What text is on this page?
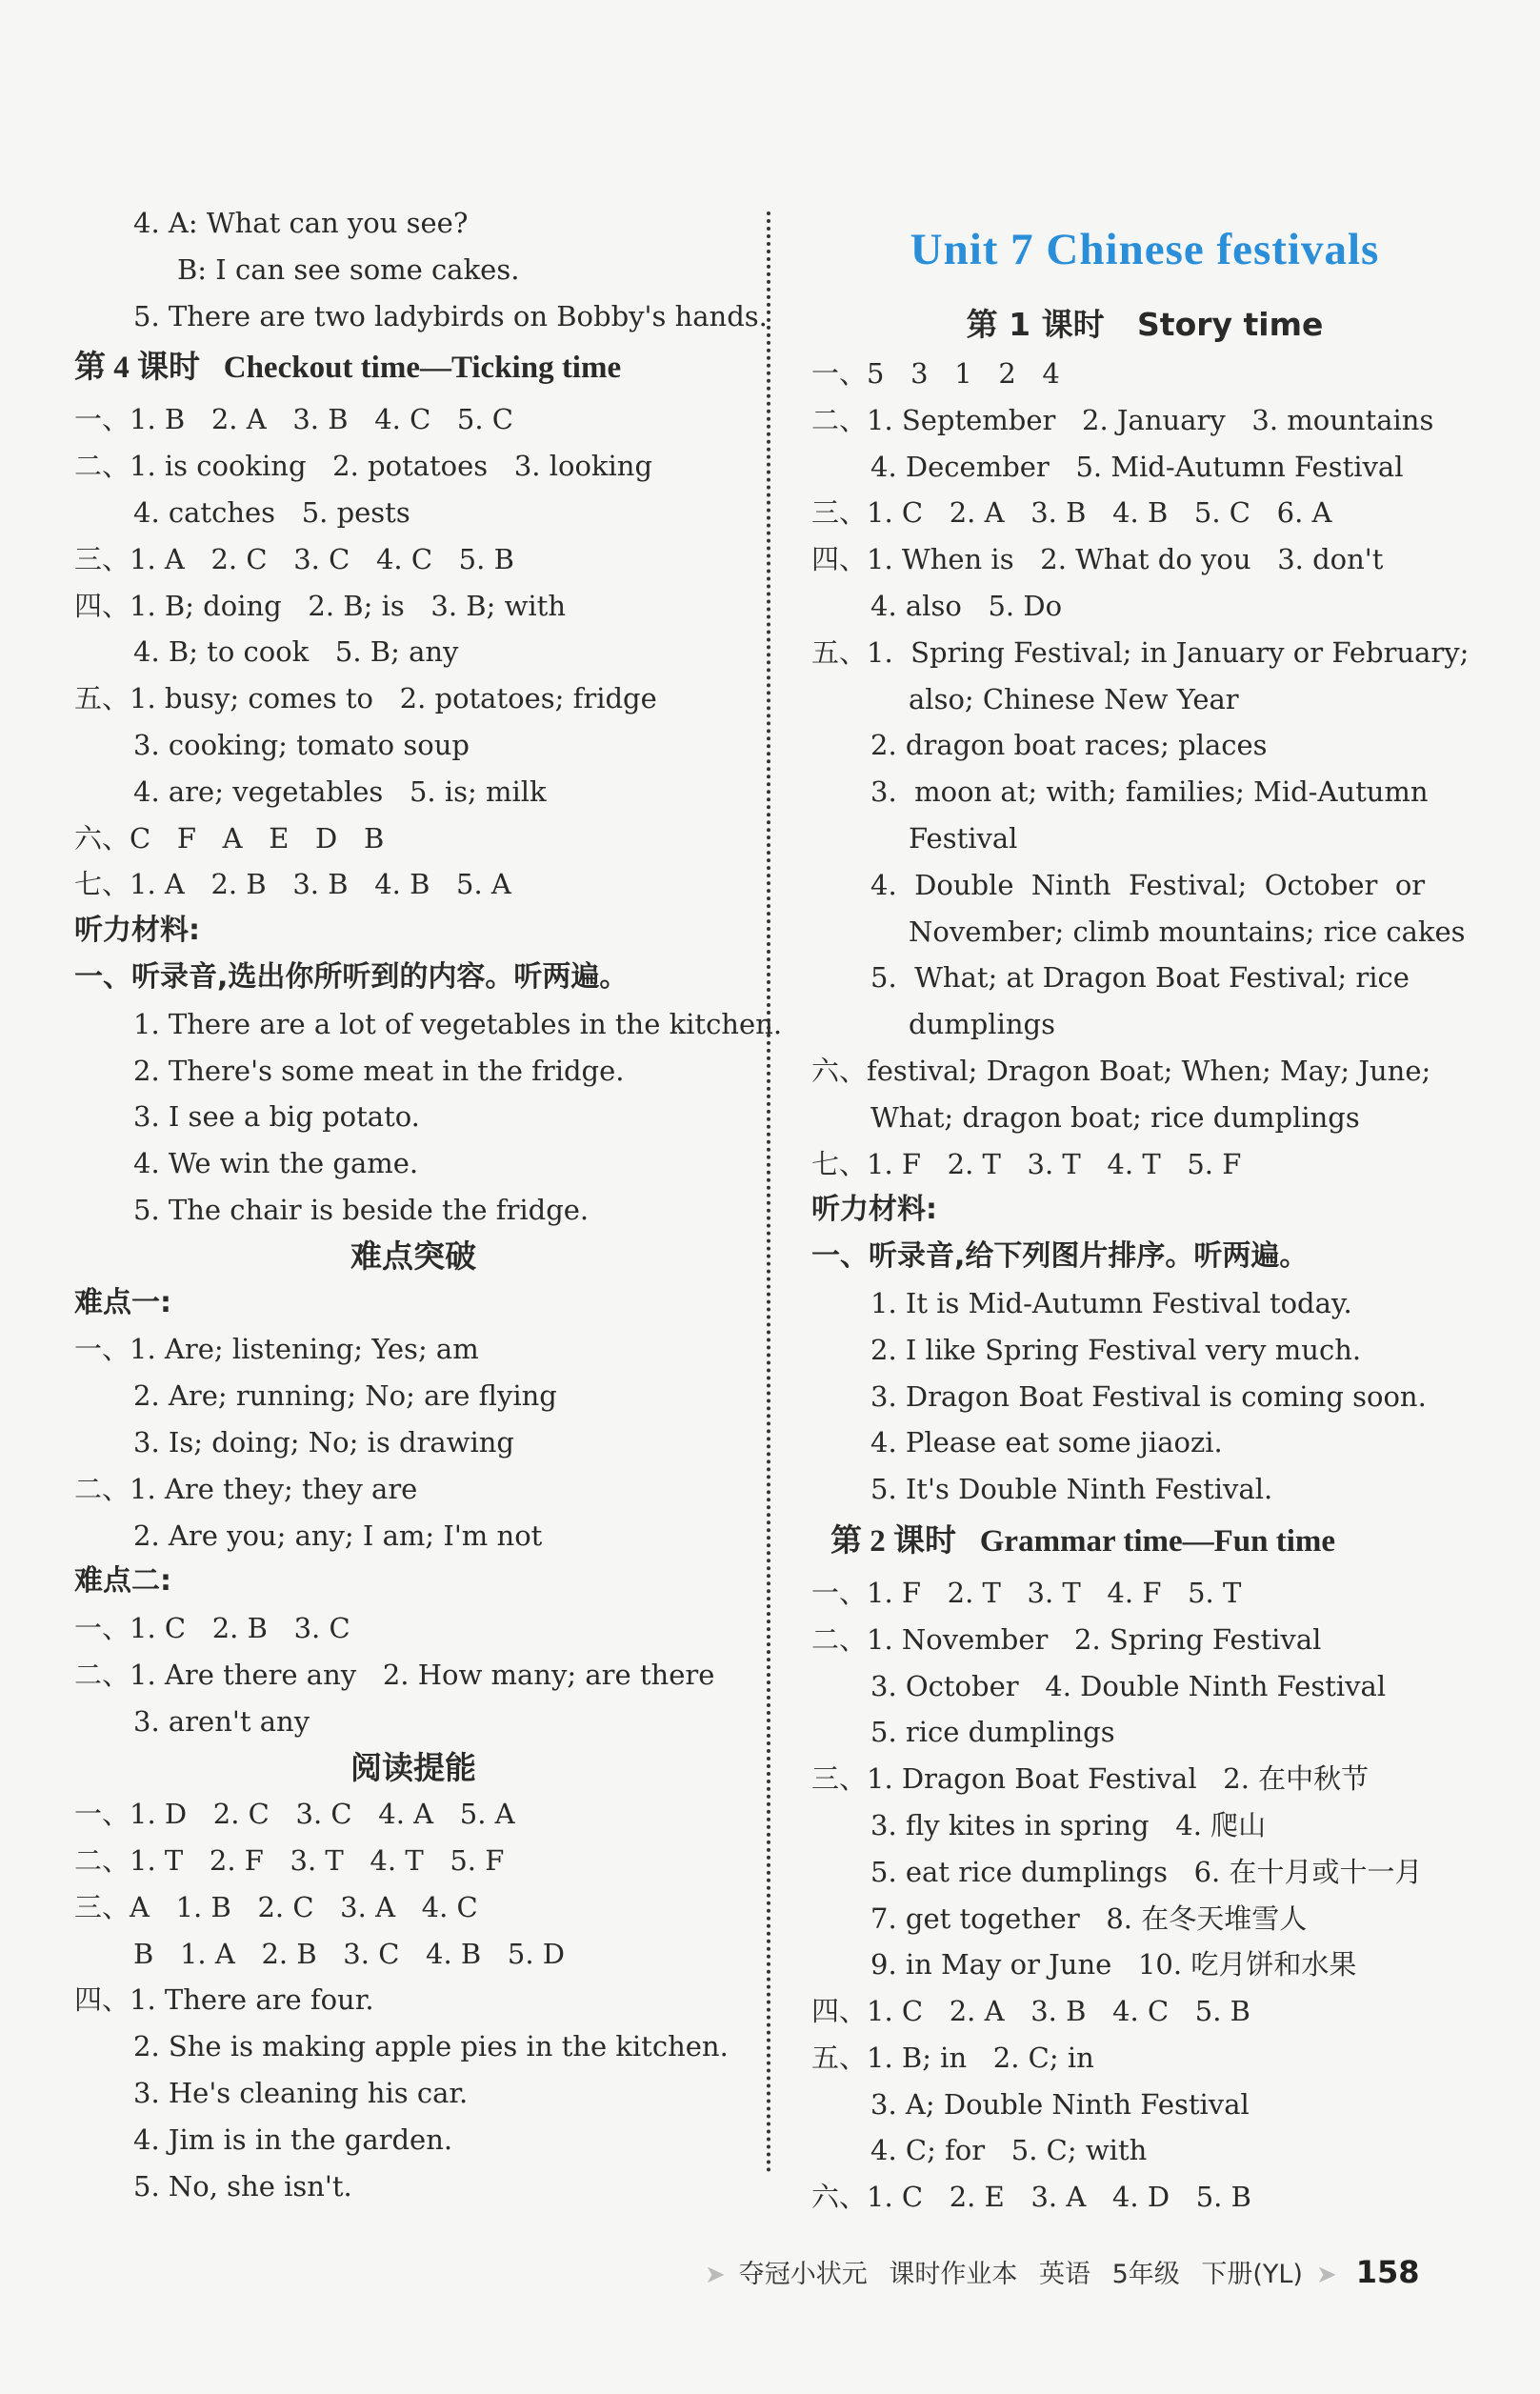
4. A: What can you see?
B: I can see some cakes.
5. There are two ladybirds on Bobby's hands.
第 4 课时   Checkout time—Ticking time
一、1. B   2. A   3. B   4. C   5. C
二、1. is cooking   2. potatoes   3. looking
4. catches   5. pests
三、1. A   2. C   3. C   4. C   5. B
四、1. B; doing   2. B; is   3. B; with
4. B; to cook   5. B; any
五、1. busy; comes to   2. potatoes; fridge
3. cooking; tomato soup
4. are; vegetables   5. is; milk
六、C   F   A   E   D   B
七、1. A   2. B   3. B   4. B   5. A
听力材料:
一、听录音,选出你所听到的内容。听两遍。
1. There are a lot of vegetables in the kitchen.
2. There's some meat in the fridge.
3. I see a big potato.
4. We win the game.
5. The chair is beside the fridge.
难点突破
难点一:
一、1. Are; listening; Yes; am
2. Are; running; No; are flying
3. Is; doing; No; is drawing
二、1. Are they; they are
2. Are you; any; I am; I'm not
难点二:
一、1. C   2. B   3. C
二、1. Are there any   2. How many; are there
3. aren't any
阅读提能
一、1. D   2. C   3. C   4. A   5. A
二、1. T   2. F   3. T   4. T   5. F
三、A   1. B   2. C   3. A   4. C
B   1. A   2. B   3. C   4. B   5. D
四、1. There are four.
2. She is making apple pies in the kitchen.
3. He's cleaning his car.
4. Jim is in the garden.
5. No, she isn't.
Unit 7 Chinese festivals
第 1 课时   Story time
一、5   3   1   2   4
二、1. September   2. January   3. mountains
4. December   5. Mid-Autumn Festival
三、1. C   2. A   3. B   4. B   5. C   6. A
四、1. When is   2. What do you   3. don't
4. also   5. Do
五、1.  Spring Festival; in January or February;
also; Chinese New Year
2. dragon boat races; places
3.  moon at; with; families; Mid-Autumn
Festival
4.  Double  Ninth  Festival;  October  or
November; climb mountains; rice cakes
5.  What; at Dragon Boat Festival; rice
dumplings
六、festival; Dragon Boat; When; May; June;
What; dragon boat; rice dumplings
七、1. F   2. T   3. T   4. T   5. F
听力材料:
一、听录音,给下列图片排序。听两遍。
1. It is Mid-Autumn Festival today.
2. I like Spring Festival very much.
3. Dragon Boat Festival is coming soon.
4. Please eat some jiaozi.
5. It's Double Ninth Festival.
第 2 课时   Grammar time—Fun time
一、1. F   2. T   3. T   4. F   5. T
二、1. November   2. Spring Festival
3. October   4. Double Ninth Festival
5. rice dumplings
三、1. Dragon Boat Festival   2. 在中秋节
3. fly kites in spring   4. 爬山
5. eat rice dumplings   6. 在十月或十一月
7. get together   8. 在冬天堆雪人
9. in May or June   10. 吃月饼和水果
四、1. C   2. A   3. B   4. C   5. B
五、1. B; in   2. C; in
3. A; Double Ninth Festival
4. C; for   5. C; with
六、1. C   2. E   3. A   4. D   5. B
➤ 夺冠小状元 课时作业本 英语 5年级 下册(YL) ➤ 158
